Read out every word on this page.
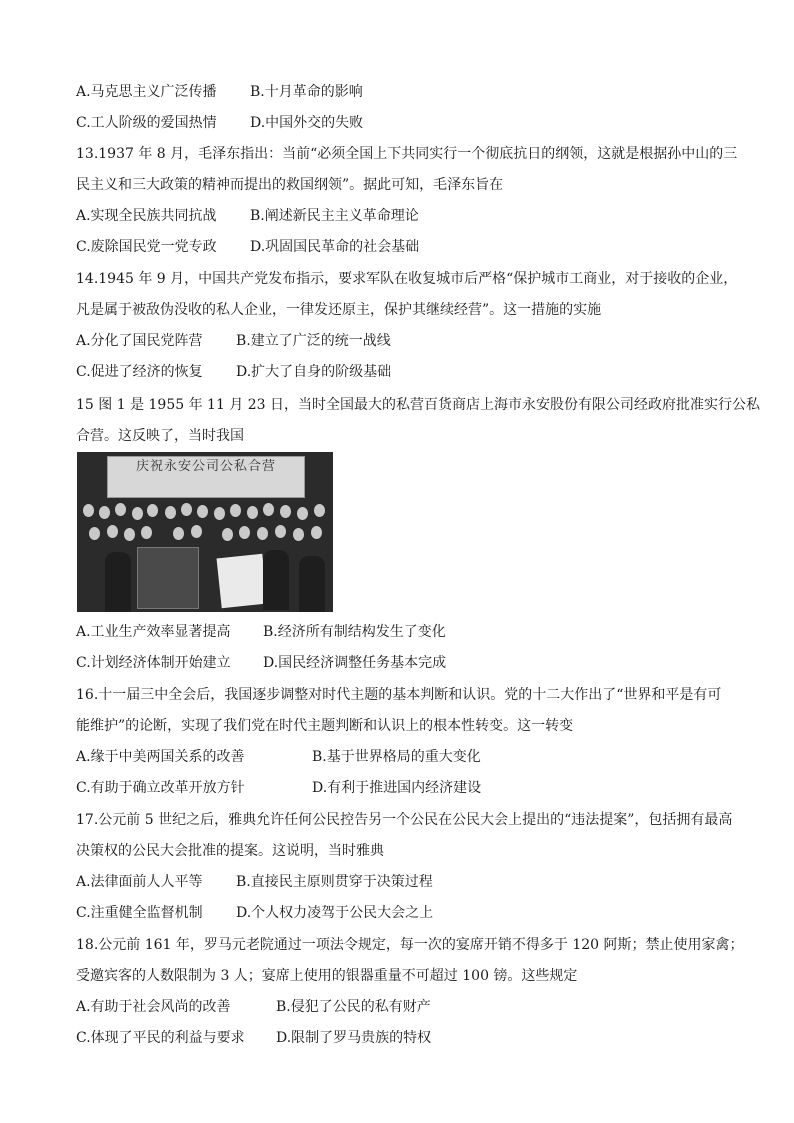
A.马克思主义广泛传播 B.十月革命的影响
C.工人阶级的爱国热情 D.中国外交的失败
13.1937 年 8 月，毛泽东指出：当前“必须全国上下共同实行一个彻底抗日的纲领，这就是根据孙中山的三
民主义和三大政策的精神而提出的救国纲领”。据此可知，毛泽东旨在
A.实现全民族共同抗战 B.阐述新民主主义革命理论
C.废除国民党一党专政 D.巩固国民革命的社会基础
14.1945 年 9 月，中国共产党发布指示，要求军队在收复城市后严格“保护城市工商业，对于接收的企业，
凡是属于被敌伪没收的私人企业，一律发还原主，保护其继续经营”。这一措施的实施
A.分化了国民党阵营 B.建立了广泛的统一战线
C.促进了经济的恢复 D.扩大了自身的阶级基础
15 图 1 是 1955 年 11 月 23 日，当时全国最大的私营百货商店上海市永安股份有限公司经政府批准实行公私
合营。这反映了，当时我国
庆祝永安公司公私合营
A.工业生产效率显著提高 B.经济所有制结构发生了变化
C.计划经济体制开始建立 D.国民经济调整任务基本完成
16.十一届三中全会后，我国逐步调整对时代主题的基本判断和认识。党的十二大作出了“世界和平是有可
能维护”的论断，实现了我们党在时代主题判断和认识上的根本性转变。这一转变
A.缘于中美两国关系的改善	B.基于世界格局的重大变化
C.有助于确立改革开放方针	D.有利于推进国内经济建设
17.公元前 5 世纪之后，雅典允许任何公民控告另一个公民在公民大会上提出的“违法提案”，包括拥有最高
决策权的公民大会批准的提案。这说明，当时雅典
A.法律面前人人平等 B.直接民主原则贯穿于决策过程
C.注重健全监督机制 D.个人权力凌驾于公民大会之上
18.公元前 161 年，罗马元老院通过一项法令规定，每一次的宴席开销不得多于 120 阿斯；禁止使用家禽；
受邀宾客的人数限制为 3 人；宴席上使用的银器重量不可超过 100 镑。这些规定
A.有助于社会风尚的改善	B.侵犯了公民的私有财产
C.体现了平民的利益与要求 D.限制了罗马贵族的特权
